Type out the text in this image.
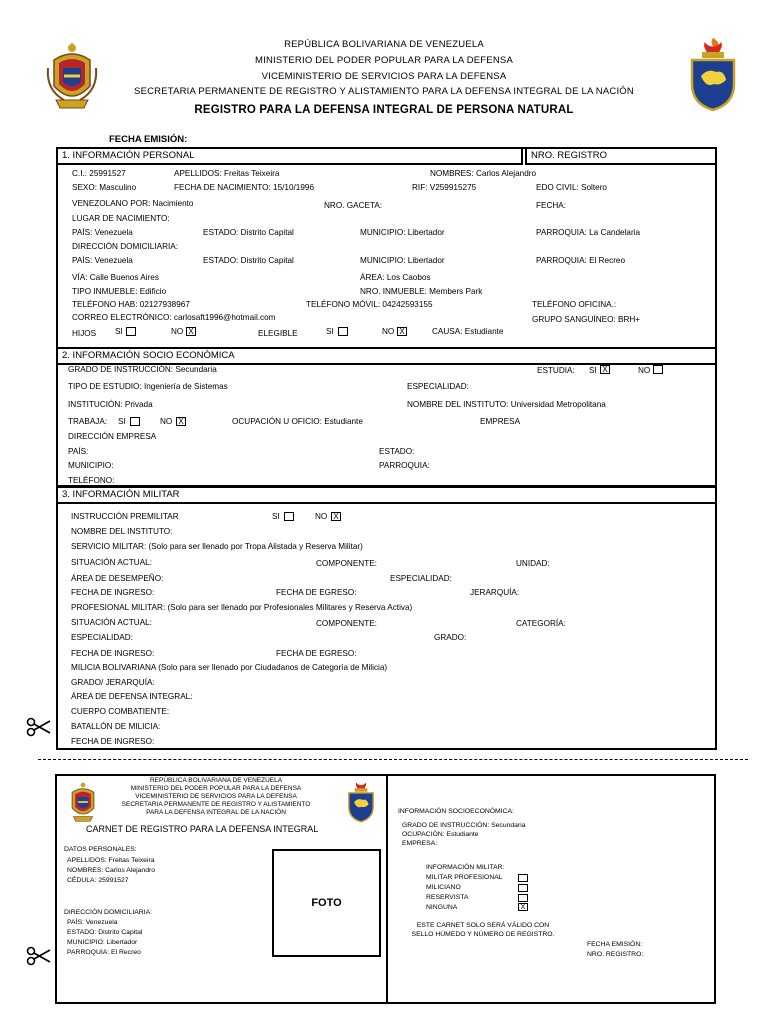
REPÚBLICA BOLIVARIANA DE VENEZUELA
MINISTERIO DEL PODER POPULAR PARA LA DEFENSA
VICEMINISTERIO DE SERVICIOS PARA LA DEFENSA
SECRETARIA PERMANENTE DE REGISTRO Y ALISTAMIENTO PARA LA DEFENSA INTEGRAL DE LA NACIÓN
REGISTRO PARA LA DEFENSA INTEGRAL DE PERSONA NATURAL
FECHA EMISIÓN:
1. INFORMACIÓN PERSONAL	NRO. REGISTRO
C.I.: 25991527	APELLIDOS: Freitas Teixeira	NOMBRES: Carlos Alejandro
SEXO: Masculino	FECHA DE NACIMIENTO: 15/10/1996	RIF: V259915275	EDO CIVIL: Soltero
VENEZOLANO POR: Nacimiento	NRO. GACETA:	FECHA:
LUGAR DE NACIMIENTO:
PAÍS: Venezuela	ESTADO: Distrito Capital	MUNICIPIO: Libertador	PARROQUIA: La Candelaria
DIRECCIÓN DOMICILIARIA:
PAÍS: Venezuela	ESTADO: Distrito Capital	MUNICIPIO: Libertador	PARROQUIA: El Recreo
VÍA: Calle Buenos Aires	ÁREA: Los Caobos
TIPO INMUEBLE: Edificio	NRO. INMUEBLE: Members Park
TELÉFONO HAB: 02127938967	TELÉFONO MÓVIL: 04242593155	TELÉFONO OFICINA.:
CORREO ELECTRÓNICO: carlosaft1996@hotmail.com	GRUPO SANGUÍNEO: BRH+
HIJOS SI	NO X	ELEGIBLE	SI	NO X	CAUSA: Estudiante
2. INFORMACIÓN SOCIO ECONÓMICA
GRADO DE INSTRUCCIÓN: Secundaria	ESTUDIA: SI X	NO
TIPO DE ESTUDIO: Ingeniería de Sistemas	ESPECIALIDAD:
INSTITUCIÓN: Privada	NOMBRE DEL INSTITUTO: Universidad Metropolitana
TRABAJA: SI	NO X	OCUPACIÓN U OFICIO: Estudiante	EMPRESA
DIRECCIÓN EMPRESA
PAÍS:	ESTADO:
MUNICIPIO:	PARROQUIA:
TELÉFONO:
3. INFORMACIÓN MILITAR
INSTRUCCIÓN PREMILITAR	SI	NO X
NOMBRE DEL INSTITUTO:
SERVICIO MILITAR: (Solo para ser llenado por Tropa Alistada y Reserva Militar)
SITUACIÓN ACTUAL:	COMPONENTE:	UNIDAD:
ÁREA DE DESEMPEÑO:	ESPECIALIDAD:
FECHA DE INGRESO:	FECHA DE EGRESO:	JERARQUÍA:
PROFESIONAL MILITAR: (Solo para ser llenado por Profesionales Militares y Reserva Activa)
SITUACIÓN ACTUAL:	COMPONENTE:	CATEGORÍA:
ESPECIALIDAD:	GRADO:
FECHA DE INGRESO:	FECHA DE EGRESO:
MILICIA BOLIVARIANA (Solo para ser llenado por Ciudadanos de Categoría de Milicia)
GRADO/ JERARQUÍA:
ÁREA DE DEFENSA INTEGRAL:
CUERPO COMBATIENTE:
BATALLÓN DE MILICIA:
FECHA DE INGRESO:
REPÚBLICA BOLIVARIANA DE VENEZUELA
MINISTERIO DEL PODER POPULAR PARA LA DEFENSA
VICEMINISTERIO DE SERVICIOS PARA LA DEFENSA
SECRETARIA PERMANENTE DE REGISTRO Y ALISTAMIENTO
PARA LA DEFENSA INTEGRAL DE LA NACIÓN
CARNET DE REGISTRO PARA LA DEFENSA INTEGRAL
DATOS PERSONALES:
APELLIDOS: Freitas Teixeira
NOMBRES: Carlos Alejandro
CÉDULA: 25991527
DIRECCIÓN DOMICILIARIA:
PAÍS: Venezuela
ESTADO: Distrito Capital
MUNICIPIO: Libertador
PARROQUIA: El Recreo
FOTO
INFORMACIÓN SOCIOECONÓMICA:
GRADO DE INSTRUCCIÓN: Secundaria
OCUPACIÓN: Estudiante
EMPRESA:
INFORMACIÓN MILITAR:
MILITAR PROFESIONAL
MILICIANO
RESERVISTA
NINGUNA	X
ESTE CARNET SOLO SERÁ VÁLIDO CON
SELLO HÚMEDO Y NÚMERO DE REGISTRO.
FECHA EMISIÓN:
NRO. REGISTRO:
